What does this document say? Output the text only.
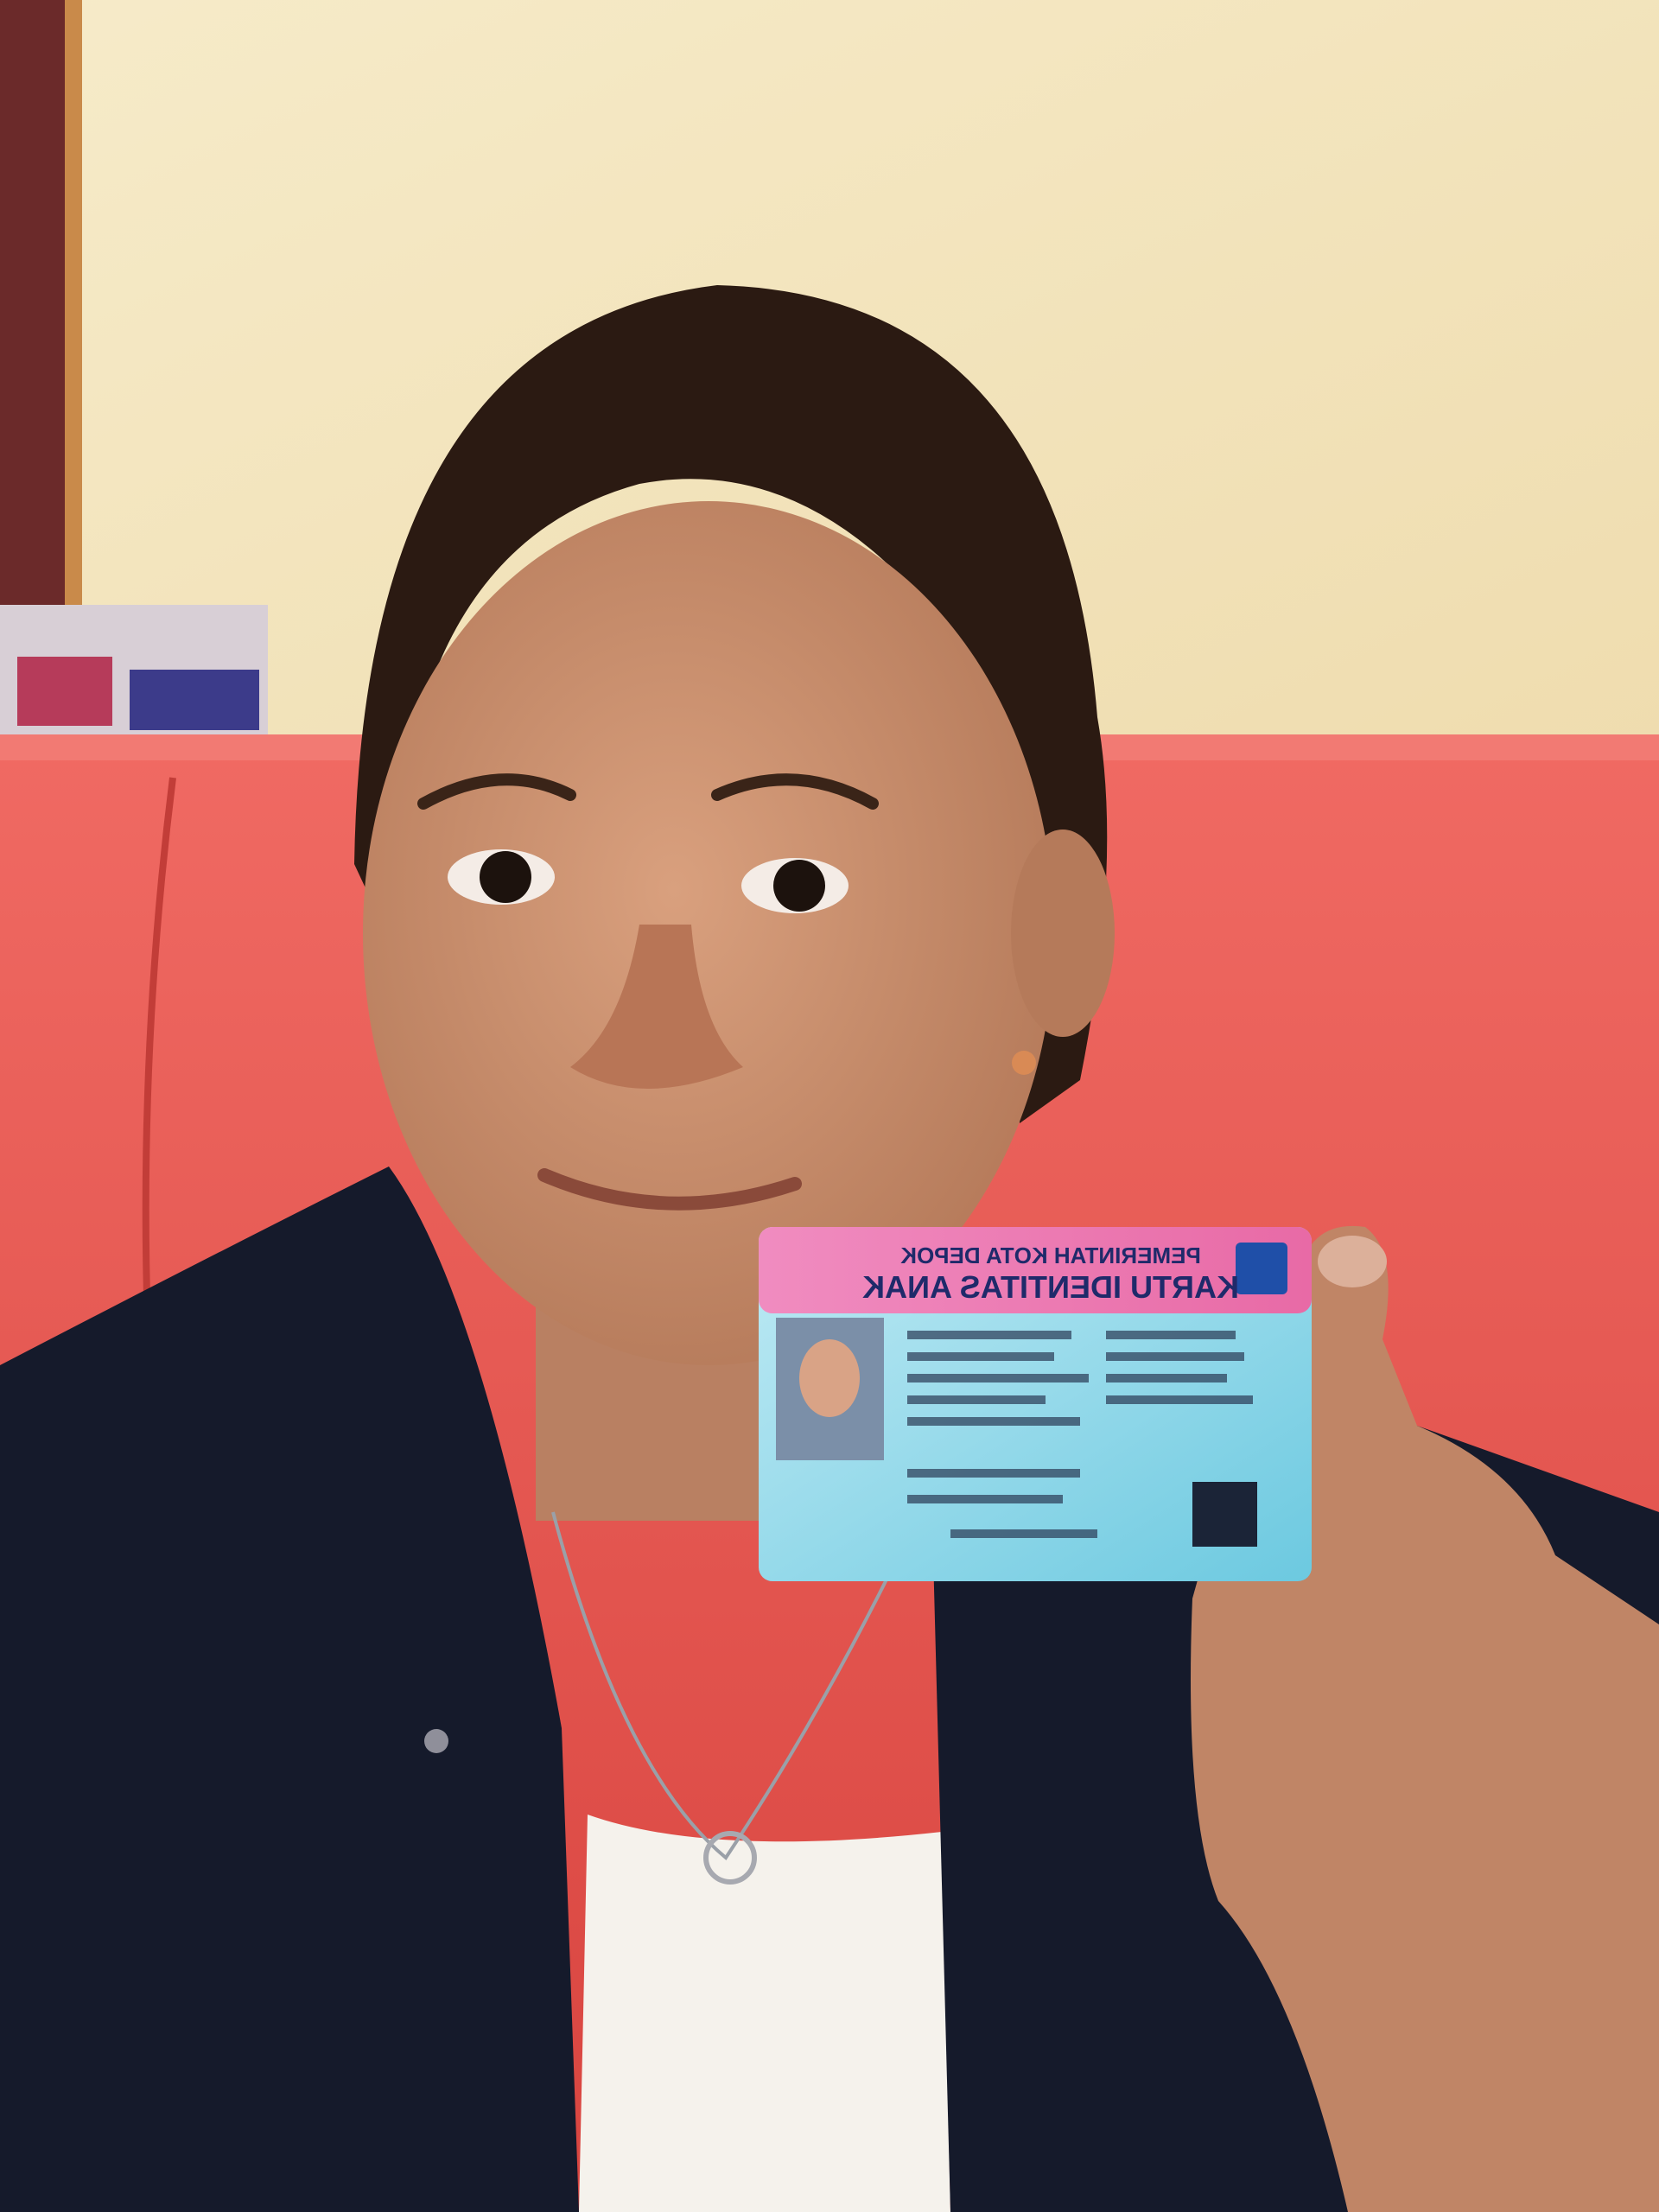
PEMERINTAH KOTA DEPOK
KARTU IDENTITAS ANAK
